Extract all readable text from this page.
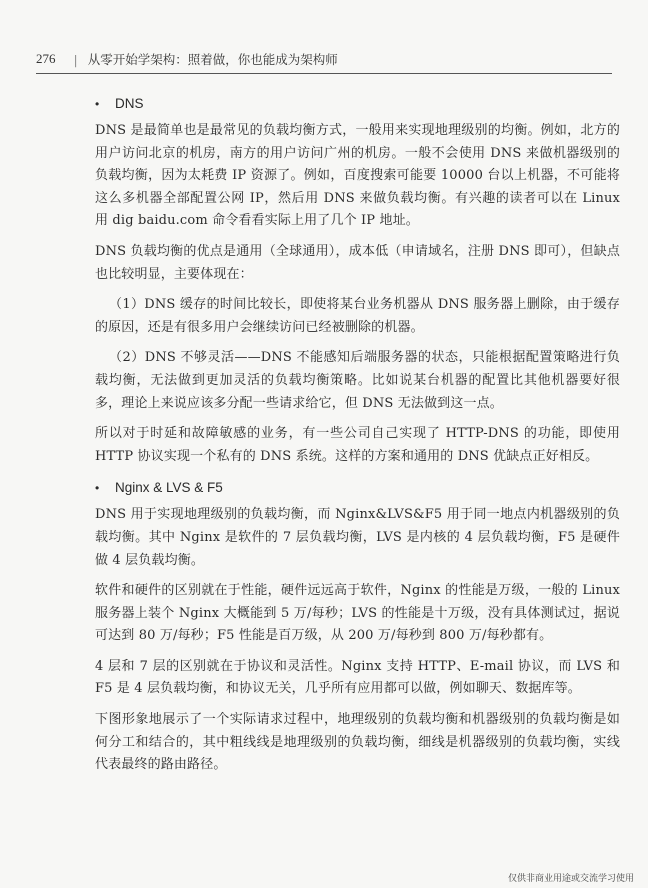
276 | 从零开始学架构：照着做，你也能成为架构师
•	DNS

DNS 是最简单也是最常见的负载均衡方式，一般用来实现地理级别的均衡。例如，北方的用户访问北京的机房，南方的用户访问广州的机房。一般不会使用 DNS 来做机器级别的负载均衡，因为太耗费 IP 资源了。例如，百度搜索可能要 10000 台以上机器，不可能将这么多机器全部配置公网 IP，然后用 DNS 来做负载均衡。有兴趣的读者可以在 Linux 用 dig baidu.com 命令看看实际上用了几个 IP 地址。

DNS 负载均衡的优点是通用（全球通用），成本低（申请域名，注册 DNS 即可），但缺点也比较明显，主要体现在：

（1）DNS 缓存的时间比较长，即使将某台业务机器从 DNS 服务器上删除，由于缓存的原因，还是有很多用户会继续访问已经被删除的机器。

（2）DNS 不够灵活——DNS 不能感知后端服务器的状态，只能根据配置策略进行负载均衡，无法做到更加灵活的负载均衡策略。比如说某台机器的配置比其他机器要好很多，理论上来说应该多分配一些请求给它，但 DNS 无法做到这一点。

所以对于时延和故障敏感的业务，有一些公司自己实现了 HTTP-DNS 的功能，即使用 HTTP 协议实现一个私有的 DNS 系统。这样的方案和通用的 DNS 优缺点正好相反。

•	Nginx & LVS & F5

DNS 用于实现地理级别的负载均衡，而 Nginx&LVS&F5 用于同一地点内机器级别的负载均衡。其中 Nginx 是软件的 7 层负载均衡，LVS 是内核的 4 层负载均衡，F5 是硬件做 4 层负载均衡。

软件和硬件的区别就在于性能，硬件远远高于软件，Nginx 的性能是万级，一般的 Linux 服务器上装个 Nginx 大概能到 5 万/每秒；LVS 的性能是十万级，没有具体测试过，据说可达到 80 万/每秒；F5 性能是百万级，从 200 万/每秒到 800 万/每秒都有。

4 层和 7 层的区别就在于协议和灵活性。Nginx 支持 HTTP、E-mail 协议，而 LVS 和 F5 是 4 层负载均衡，和协议无关，几乎所有应用都可以做，例如聊天、数据库等。

下图形象地展示了一个实际请求过程中，地理级别的负载均衡和机器级别的负载均衡是如何分工和结合的，其中粗线线是地理级别的负载均衡，细线是机器级别的负载均衡，实线代表最终的路由路径。

仅供非商业用途或交流学习使用
